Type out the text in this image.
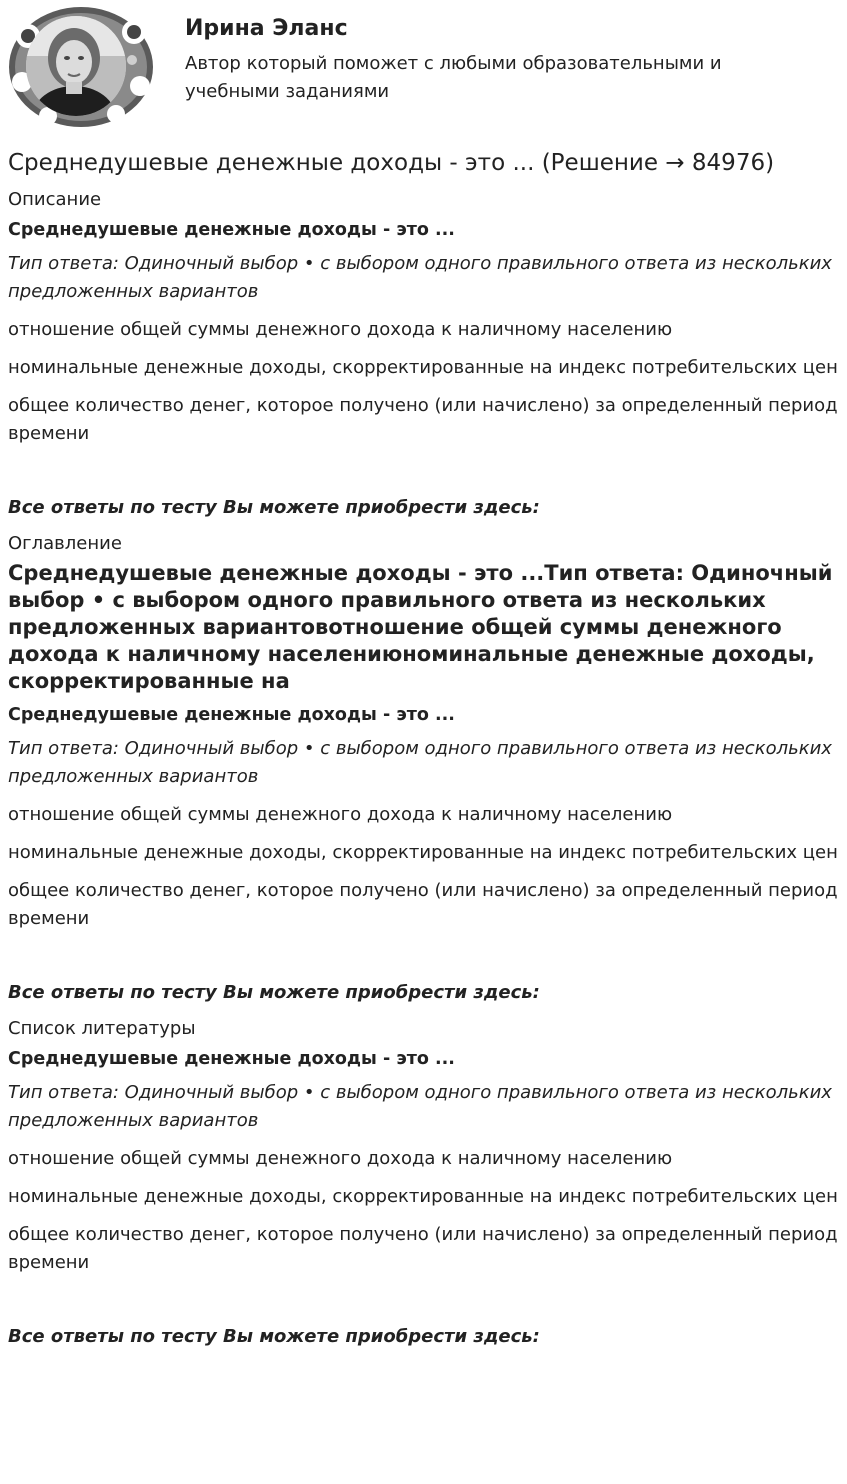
Ирина Эланс
Автор который поможет с любыми образовательными и учебными заданиями
Среднедушевые денежные доходы - это ... (Решение → 84976)
Описание
Среднедушевые денежные доходы - это ...
Тип ответа: Одиночный выбор • с выбором одного правильного ответа из нескольких предложенных вариантов
отношение общей суммы денежного дохода к наличному населению
номинальные денежные доходы, скорректированные на индекс потребительских цен
общее количество денег, которое получено (или начислено) за определенный период времени
Все ответы по тесту Вы можете приобрести здесь:
Оглавление
Среднедушевые денежные доходы - это ...Тип ответа: Одиночный выбор • с выбором одного правильного ответа из нескольких предложенных вариантовотношение общей суммы денежного дохода к наличному населениюноминальные денежные доходы, скорректированные на
Среднедушевые денежные доходы - это ...
Тип ответа: Одиночный выбор • с выбором одного правильного ответа из нескольких предложенных вариантов
отношение общей суммы денежного дохода к наличному населению
номинальные денежные доходы, скорректированные на индекс потребительских цен
общее количество денег, которое получено (или начислено) за определенный период времени
Все ответы по тесту Вы можете приобрести здесь:
Список литературы
Среднедушевые денежные доходы - это ...
Тип ответа: Одиночный выбор • с выбором одного правильного ответа из нескольких предложенных вариантов
отношение общей суммы денежного дохода к наличному населению
номинальные денежные доходы, скорректированные на индекс потребительских цен
общее количество денег, которое получено (или начислено) за определенный период времени
Все ответы по тесту Вы можете приобрести здесь:
